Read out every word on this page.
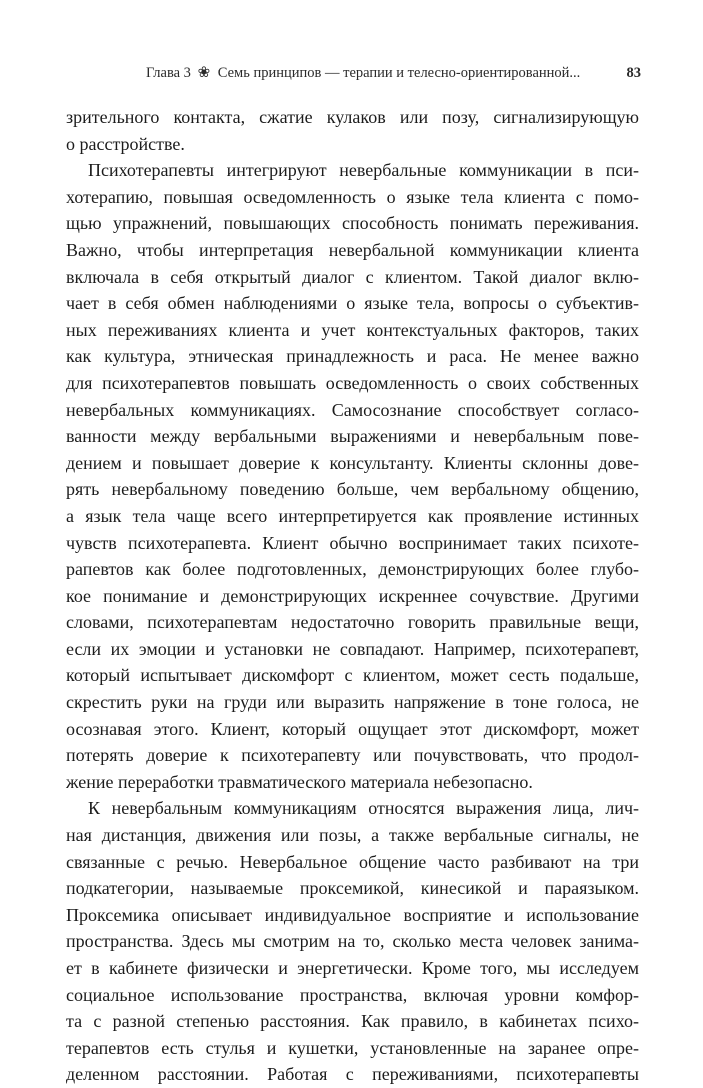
Глава 3 ❀ Семь принципов — терапии и телесно-ориентированной...	83
зрительного контакта, сжатие кулаков или позу, сигнализирующую
о расстройстве.
Психотерапевты интегрируют невербальные коммуникации в пси-
хотерапию, повышая осведомленность о языке тела клиента с помо-
щью упражнений, повышающих способность понимать переживания.
Важно, чтобы интерпретация невербальной коммуникации клиента
включала в себя открытый диалог с клиентом. Такой диалог вклю-
чает в себя обмен наблюдениями о языке тела, вопросы о субъектив-
ных переживаниях клиента и учет контекстуальных факторов, таких
как культура, этническая принадлежность и раса. Не менее важно
для психотерапевтов повышать осведомленность о своих собственных
невербальных коммуникациях. Самосознание способствует согласо-
ванности между вербальными выражениями и невербальным пове-
дением и повышает доверие к консультанту. Клиенты склонны дове-
рять невербальному поведению больше, чем вербальному общению,
а язык тела чаще всего интерпретируется как проявление истинных
чувств психотерапевта. Клиент обычно воспринимает таких психоте-
рапевтов как более подготовленных, демонстрирующих более глубо-
кое понимание и демонстрирующих искреннее сочувствие. Другими
словами, психотерапевтам недостаточно говорить правильные вещи,
если их эмоции и установки не совпадают. Например, психотерапевт,
который испытывает дискомфорт с клиентом, может сесть подальше,
скрестить руки на груди или выразить напряжение в тоне голоса, не
осознавая этого. Клиент, который ощущает этот дискомфорт, может
потерять доверие к психотерапевту или почувствовать, что продол-
жение переработки травматического материала небезопасно.
К невербальным коммуникациям относятся выражения лица, лич-
ная дистанция, движения или позы, а также вербальные сигналы, не
связанные с речью. Невербальное общение часто разбивают на три
подкатегории, называемые проксемикой, кинесикой и параязыком.
Проксемика описывает индивидуальное восприятие и использование
пространства. Здесь мы смотрим на то, сколько места человек занима-
ет в кабинете физически и энергетически. Кроме того, мы исследуем
социальное использование пространства, включая уровни комфор-
та с разной степенью расстояния. Как правило, в кабинетах психо-
терапевтов есть стулья и кушетки, установленные на заранее опре-
деленном расстоянии. Работая с переживаниями, психотерапевты
